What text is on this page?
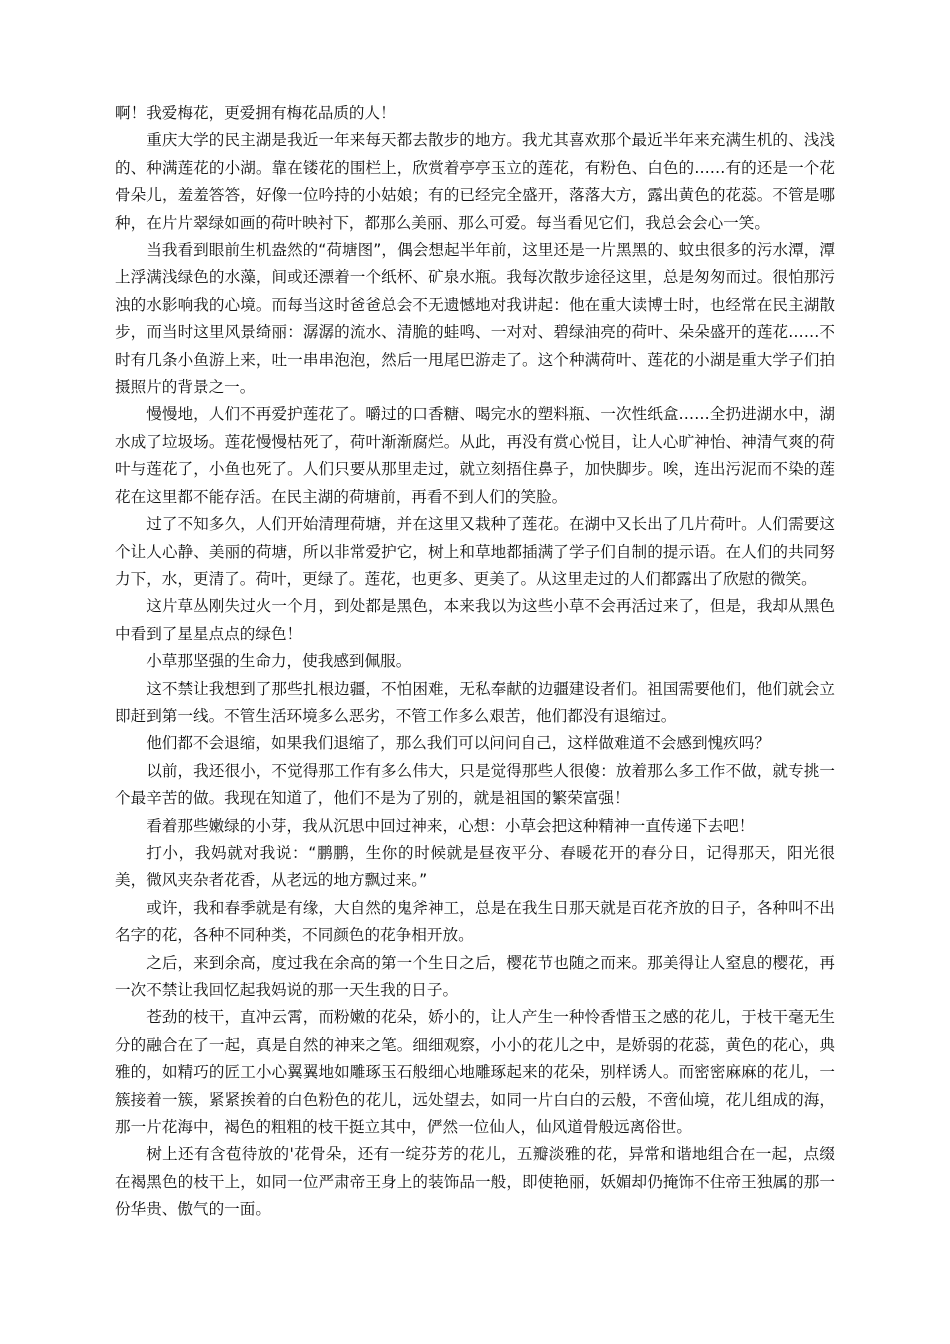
啊！我爱梅花，更爱拥有梅花品质的人！

重庆大学的民主湖是我近一年来每天都去散步的地方。我尤其喜欢那个最近半年来充满生机的、浅浅的、种满莲花的小湖。靠在镂花的围栏上，欣赏着亭亭玉立的莲花，有粉色、白色的……有的还是一个花骨朵儿，羞羞答答，好像一位吟持的小姑娘；有的已经完全盛开，落落大方，露出黄色的花蕊。不管是哪种，在片片翠绿如画的荷叶映衬下，都那么美丽、那么可爱。每当看见它们，我总会会心一笑。

当我看到眼前生机盎然的“荷塘图”，偶会想起半年前，这里还是一片黑黑的、蚊虫很多的污水潭，潭上浮满浅绿色的水藻，间或还漂着一个纸杯、矿泉水瓶。我每次散步途径这里，总是匆匆而过。很怕那污浊的水影响我的心境。而每当这时爸爸总会不无遗憾地对我讲起：他在重大读博士时，也经常在民主湖散步，而当时这里风景绮丽：潺潺的流水、清脆的蛙鸣、一对对、碧绿油亮的荷叶、朵朵盛开的莲花……不时有几条小鱼游上来，吐一串串泡泡，然后一甩尾巴游走了。这个种满荷叶、莲花的小湖是重大学子们拍摄照片的背景之一。

慢慢地，人们不再爱护莲花了。嚼过的口香糖、喝完水的塑料瓶、一次性纸盒……全扔进湖水中，湖水成了垃圾场。莲花慢慢枯死了，荷叶渐渐腐烂。从此，再没有赏心悦目，让人心旷神怡、神清气爽的荷叶与莲花了，小鱼也死了。人们只要从那里走过，就立刻捂住鼻子，加快脚步。唉，连出污泥而不染的莲花在这里都不能存活。在民主湖的荷塘前，再看不到人们的笑脸。

过了不知多久，人们开始清理荷塘，并在这里又栽种了莲花。在湖中又长出了几片荷叶。人们需要这个让人心静、美丽的荷塘，所以非常爱护它，树上和草地都插满了学子们自制的提示语。在人们的共同努力下，水，更清了。荷叶，更绿了。莲花，也更多、更美了。从这里走过的人们都露出了欣慰的微笑。

这片草丛刚失过火一个月，到处都是黑色，本来我以为这些小草不会再活过来了，但是，我却从黑色中看到了星星点点的绿色！

小草那坚强的生命力，使我感到佩服。

这不禁让我想到了那些扎根边疆，不怕困难，无私奉献的边疆建设者们。祖国需要他们，他们就会立即赶到第一线。不管生活环境多么恶劣，不管工作多么艰苦，他们都没有退缩过。

他们都不会退缩，如果我们退缩了，那么我们可以问问自己，这样做难道不会感到愧疚吗？

以前，我还很小，不觉得那工作有多么伟大，只是觉得那些人很傻：放着那么多工作不做，就专挑一个最辛苦的做。我现在知道了，他们不是为了别的，就是祖国的繁荣富强！

看着那些嫩绿的小芽，我从沉思中回过神来，心想：小草会把这种精神一直传递下去吧！

打小，我妈就对我说：“鹏鹏，生你的时候就是昼夜平分、春暖花开的春分日，记得那天，阳光很美，微风夹杂者花香，从老远的地方飘过来。”

或许，我和春季就是有缘，大自然的鬼斧神工，总是在我生日那天就是百花齐放的日子，各种叫不出名字的花，各种不同种类，不同颜色的花争相开放。

之后，来到余高，度过我在余高的第一个生日之后，樱花节也随之而来。那美得让人窒息的樱花，再一次不禁让我回忆起我妈说的那一天生我的日子。

苍劲的枝干，直冲云霄，而粉嫩的花朵，娇小的，让人产生一种怜香惜玉之感的花儿，于枝干毫无生分的融合在了一起，真是自然的神来之笔。细细观察，小小的花儿之中，是娇弱的花蕊，黄色的花心，典雅的，如精巧的匠工小心翼翼地如雕琢玉石般细心地雕琢起来的花朵，别样诱人。而密密麻麻的花儿，一簇接着一簇，紧紧挨着的白色粉色的花儿，远处望去，如同一片白白的云般，不啻仙境，花儿组成的海，那一片花海中，褐色的粗粗的枝干挺立其中，俨然一位仙人，仙风道骨般远离俗世。

树上还有含苞待放的'花骨朵，还有一绽芬芳的花儿，五瓣淡雅的花，异常和谐地组合在一起，点缀在褐黑色的枝干上，如同一位严肃帝王身上的装饰品一般，即使艳丽，妖媚却仍掩饰不住帝王独属的那一份华贵、傲气的一面。
